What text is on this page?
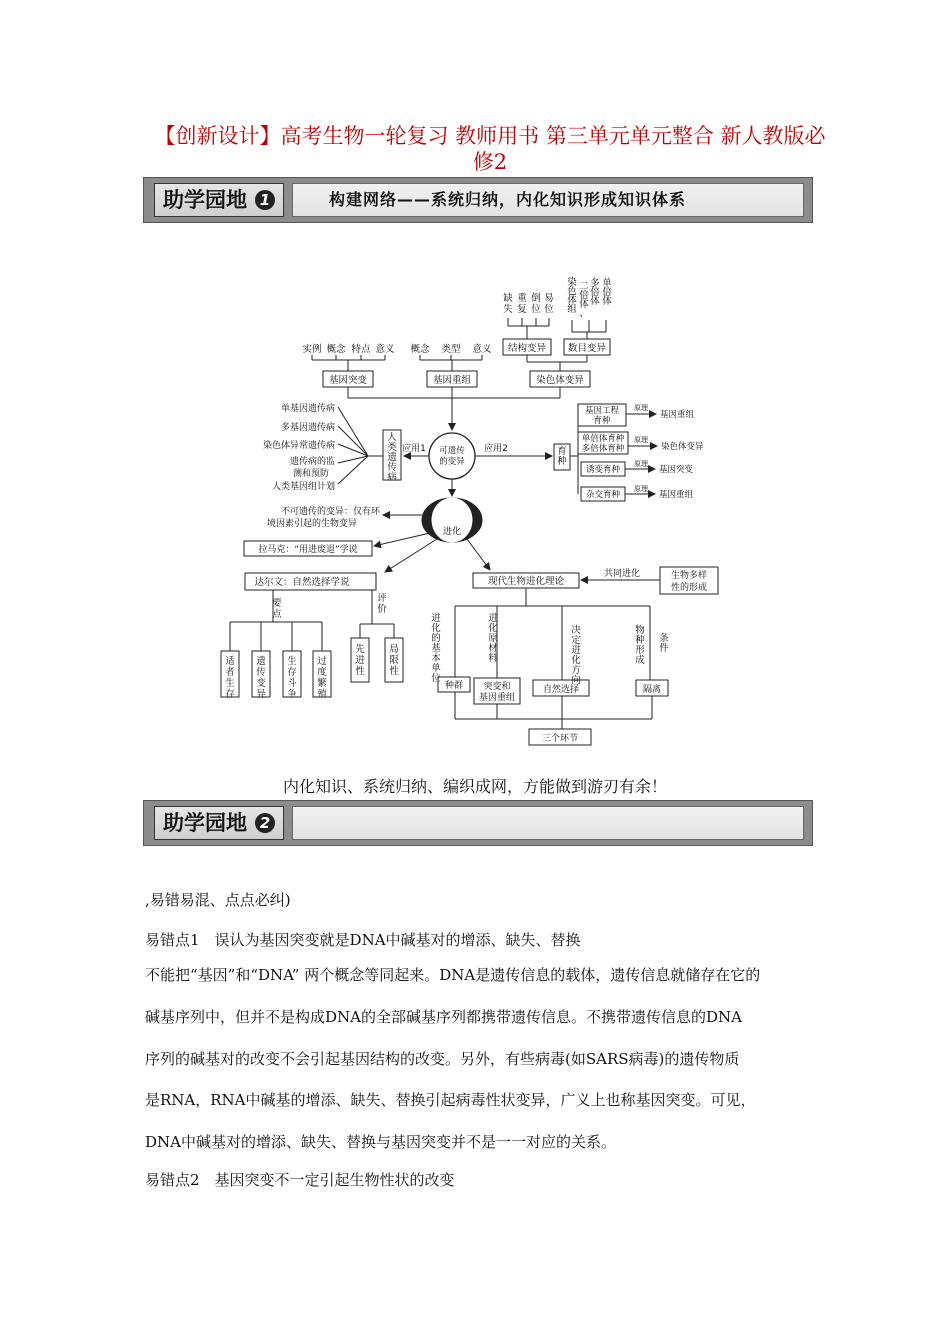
【创新设计】高考生物一轮复习 教师用书 第三单元单元整合 新人教版必修2
助学园地 1	构建网络——系统归纳，内化知识形成知识体系
基因突变	基因重组	染色体变异
实例 概念 特点 意义 概念 类型 意义 结构变异 数目变异
可遗传
的变异
应用1	应用2
基因工程
育种
单倍体育种
多倍体育种
诱变育种
杂交育种
变异
进化
拉马克：“用进废退”学说
达尔文：自然选择学说	现代生物进化理论
共同进化	生物多样
性的形成
种群 突变和
基因重组
自然选择	隔离
三个环节
单基因遗传病
多基因遗传病
染色体异常遗传病
遗传病的监
测和预防
人类基因组计划
不可遗传的变异：仅有环
境因素引起的生物变异
基因重组
染色体变异
基因突变
基因重组
原理
原理
原理
原理
缺失
重复
倒位
易位
染色体组
二倍体、
多倍体
单倍体
人类遗传病
育种
要点
评价
适者生存
遗传变异
生存斗争
过度繁殖
先进性
局限性
进化的基本单位
进化原材料
决定进化方向
物种形成
条件
内化知识、系统归纳、编织成网，方能做到游刃有余！
助学园地 2
,易错易混、点点必纠)
易错点1　误认为基因突变就是DNA中碱基对的增添、缺失、替换
不能把“基因”和“DNA” 两个概念等同起来。DNA是遗传信息的载体，遗传信息就储存在它的
碱基序列中，但并不是构成DNA的全部碱基序列都携带遗传信息。不携带遗传信息的DNA
序列的碱基对的改变不会引起基因结构的改变。另外，有些病毒(如SARS病毒)的遗传物质
是RNA，RNA中碱基的增添、缺失、替换引起病毒性状变异，广义上也称基因突变。可见，
DNA中碱基对的增添、缺失、替换与基因突变并不是一一对应的关系。
易错点2　基因突变不一定引起生物性状的改变
